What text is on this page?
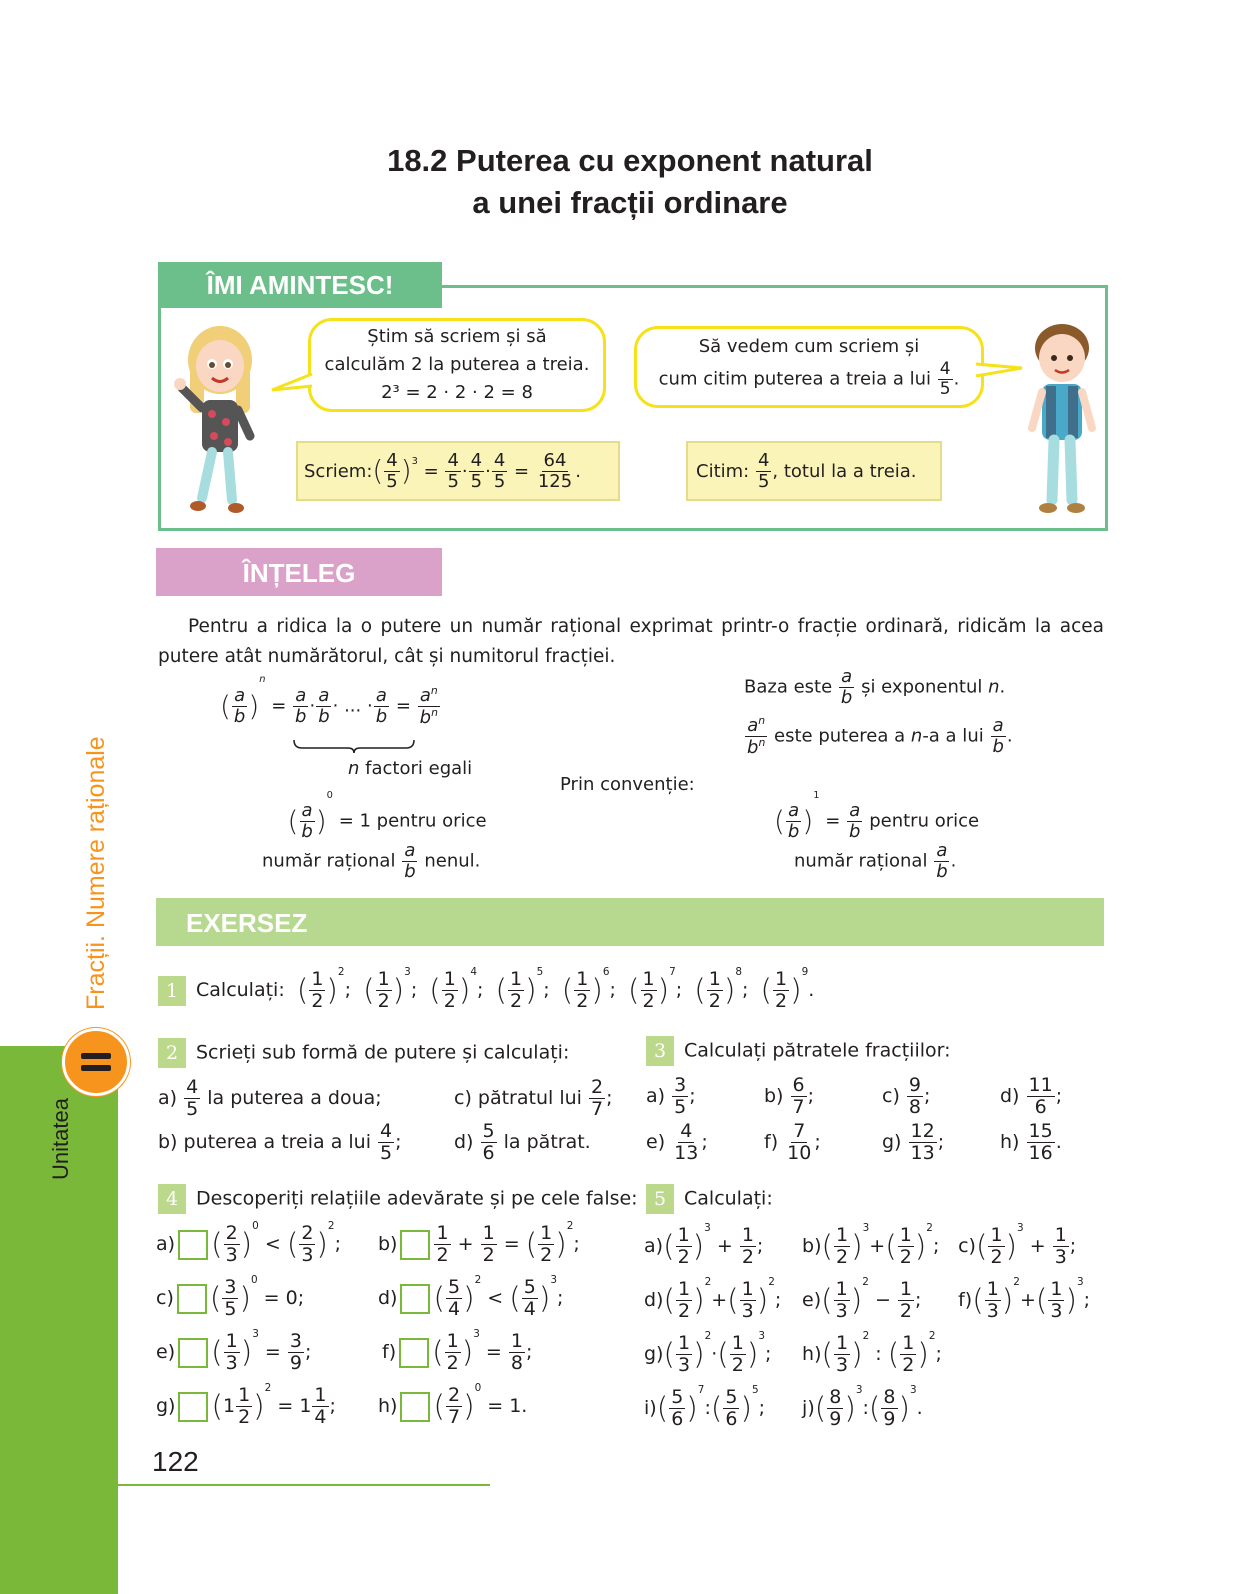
Unitatea
Fracții. Numere raționale
18.2 Puterea cu exponent natural
a unei fracții ordinare
ÎMI AMINTESC!
Știm să scriem și să
calculăm 2 la puterea a treia.
2³ = 2 · 2 · 2 = 8
Să vedem cum scriem și
cum citim puterea a treia a lui $\frac{4}{5}$ .
Scriem: ( 4
5 )$^3 = \frac{4}{5}$ ·
4
$5 \cdot \frac{4}{5} = \frac{64}{125}$ .	Citim:

4
5 , totul la a treia.
ÎNȚELEG
Pentru a ridica la o putere un număr rațional exprimat printr-o fracție ordinară, ridicăm la acea putere atât numărătorul, cât și numitorul fracției.
( $\frac{a}{b} )^n = \frac{a}{b} \cdot \frac{a}{b}$ · ... · $\frac{a}{b} = \frac{a^n}{b^n}$
n factori egali
Baza este $\frac{a}{b}$ și exponentul n.
$\frac{a^n}{b^n}$ este puterea a n-a a lui $\frac{a}{b}$ .
Prin convenție:
( $\frac{a}{b} )^0 = 1$ pentru orice
număr rațional $\frac{a}{b}$ nenul.
( $\frac{a}{b} )^1 = \frac{a}{b}$ pentru orice
număr rațional $\frac{a}{b}$ .
EXERSEZ
1 Calculați: ( $\frac{1}{2} )^2$;  ( $\frac{1}{2} )^3$;  ( $\frac{1}{2} )^4$;  ( $\frac{1}{2} )^5$;  ( $\frac{1}{2} )^6$;  ( $\frac{1}{2} )^7$;  ( $\frac{1}{2} )^8$;  ( $\frac{1}{2} )^9$.
2 Scrieți sub formă de putere și calculați:
$a) \frac{4}{5}$ la puterea a doua;	c) pătratul lui $\frac{2}{7}$ ;
b) puterea a treia a lui $\frac{4}{5}$ ;	$d) \frac{5}{6}$ la pătrat.
3 Calculați pătratele fracțiilor:
$a) \frac{3}{5}$ ;	$b) \frac{6}{7}$ ;	$c) \frac{9}{8}$ ;	$d) \frac{11}{6}$ ;
$e) \frac{4}{13}$ ;	$f) \frac{7}{10}$ ;	$g) \frac{12}{13}$ ;	$h) \frac{15}{16}$ .
4 Descoperiți relațiile adevărate și pe cele false:
a) ( $\frac{2}{3} )^0$ < ( $\frac{2}{3} )^2$; $b) \frac{1}{2} + \frac{1}{2}$ = ( $\frac{1}{2} )^2$;
c) ( $\frac{3}{5} )^0 = 0$;	d) ( $\frac{5}{4} )^2$ < ( $\frac{5}{4} )^3$;
e) ( $\frac{1}{3} )^3 = \frac{3}{9}$ ;	f) ( $\frac{1}{2} )^3 = \frac{1}{8}$ ;
g) $(1 \frac{1}{2} )^2 = 1 \frac{1}{4}$ ; h) ( $\frac{2}{7} )^0 = 1$.
5 Calculați:
$a)( \frac{1}{2} )^3 + \frac{1}{2}$ ; $b)( \frac{1}{2} )^3+( \frac{1}{2} )^2$; $c)( \frac{1}{2} )^3 + \frac{1}{3}$ ;
$d)( \frac{1}{2} )^2+( \frac{1}{3} )^2$; $e)( \frac{1}{3} )^2 - \frac{1}{2}$ ; $f)( \frac{1}{3} )^2+( \frac{1}{3} )^3$;
$g)( \frac{1}{3} )^2\cdot( \frac{1}{2} )^3$; $h)( \frac{1}{3} )^2$ : ( $\frac{1}{2} )^2$;
$i)( \frac{5}{6}$ )$^7:( \frac{5}{6} )^5$; $j)( \frac{8}{9}$ )$^3:( \frac{8}{9} )^3$.
122
